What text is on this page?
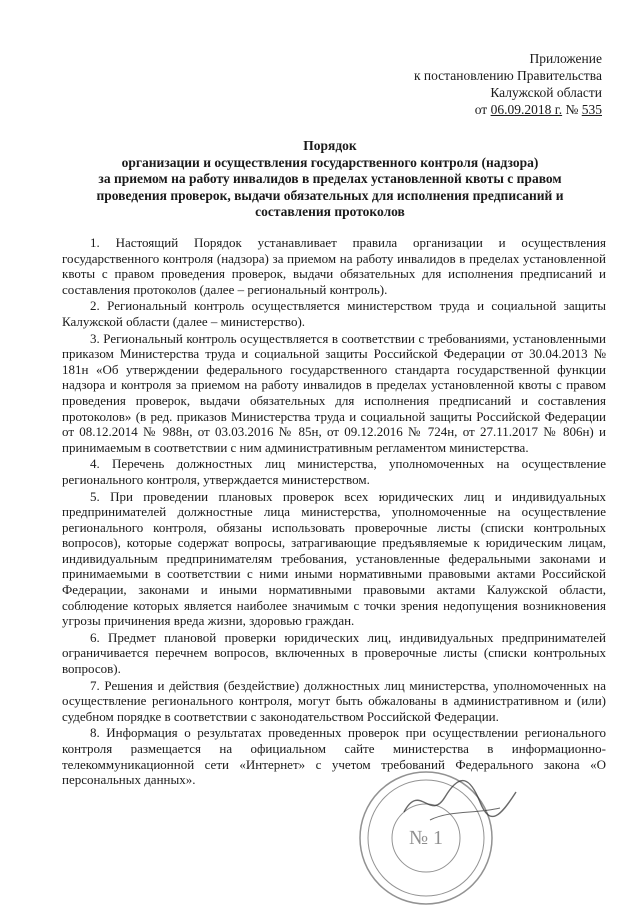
Приложение
к постановлению Правительства
Калужской области
от 06.09.2018 г. № 535
Порядок
организации и осуществления государственного контроля (надзора)
за приемом на работу инвалидов в пределах установленной квоты с правом
проведения проверок, выдачи обязательных для исполнения предписаний и
составления протоколов

1. Настоящий Порядок устанавливает правила организации и осуществления государственного контроля (надзора) за приемом на работу инвалидов в пределах установленной квоты с правом проведения проверок, выдачи обязательных для исполнения предписаний и составления протоколов (далее – региональный контроль).

2. Региональный контроль осуществляется министерством труда и социальной защиты Калужской области (далее – министерство).

3. Региональный контроль осуществляется в соответствии с требованиями, установленными приказом Министерства труда и социальной защиты Российской Федерации от 30.04.2013 № 181н «Об утверждении федерального государственного стандарта государственной функции надзора и контроля за приемом на работу инвалидов в пределах установленной квоты с правом проведения проверок, выдачи обязательных для исполнения предписаний и составления протоколов» (в ред. приказов Министерства труда и социальной защиты Российской Федерации от 08.12.2014 № 988н, от 03.03.2016 № 85н, от 09.12.2016 № 724н, от 27.11.2017 № 806н) и принимаемым в соответствии с ним административным регламентом министерства.

4. Перечень должностных лиц министерства, уполномоченных на осуществление регионального контроля, утверждается министерством.

5. При проведении плановых проверок всех юридических лиц и индивидуальных предпринимателей должностные лица министерства, уполномоченные на осуществление регионального контроля, обязаны использовать проверочные листы (списки контрольных вопросов), которые содержат вопросы, затрагивающие предъявляемые к юридическим лицам, индивидуальным предпринимателям требования, установленные федеральными законами и принимаемыми в соответствии с ними иными нормативными правовыми актами Российской Федерации, законами и иными нормативными правовыми актами Калужской области, соблюдение которых является наиболее значимым с точки зрения недопущения возникновения угрозы причинения вреда жизни, здоровью граждан.

6. Предмет плановой проверки юридических лиц, индивидуальных предпринимателей ограничивается перечнем вопросов, включенных в проверочные листы (списки контрольных вопросов).

7. Решения и действия (бездействие) должностных лиц министерства, уполномоченных на осуществление регионального контроля, могут быть обжалованы в административном и (или) судебном порядке в соответствии с законодательством Российской Федерации.

8. Информация о результатах проведенных проверок при осуществлении регионального контроля размещается на официальном сайте министерства в информационно-телекоммуникационной сети «Интернет» с учетом требований Федерального закона «О персональных данных».

№ 1
